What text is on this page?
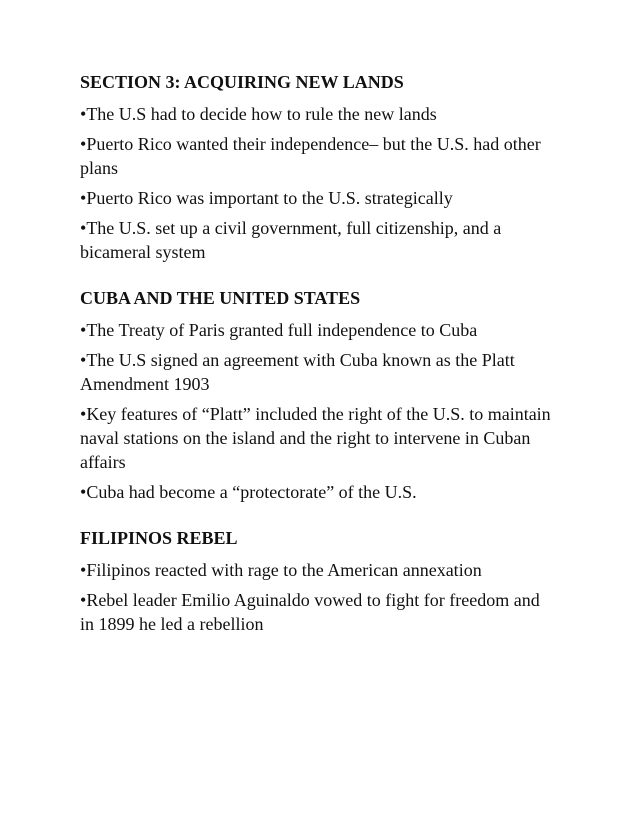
SECTION 3: ACQUIRING NEW LANDS
•The U.S had to decide how to rule the new lands
•Puerto Rico wanted their independence– but the U.S. had other plans
•Puerto Rico was important to the U.S. strategically
•The U.S. set up a civil government, full citizenship, and a bicameral system
CUBA AND THE UNITED STATES
•The Treaty of Paris granted full independence to Cuba
•The U.S signed an agreement with Cuba known as the Platt Amendment 1903
•Key features of “Platt” included the right of the U.S. to maintain naval stations on the island and the right to intervene in Cuban affairs
•Cuba had become a “protectorate” of the U.S.
FILIPINOS REBEL
•Filipinos reacted with rage to the American annexation
•Rebel leader Emilio Aguinaldo vowed to fight for freedom and in 1899 he led a rebellion
